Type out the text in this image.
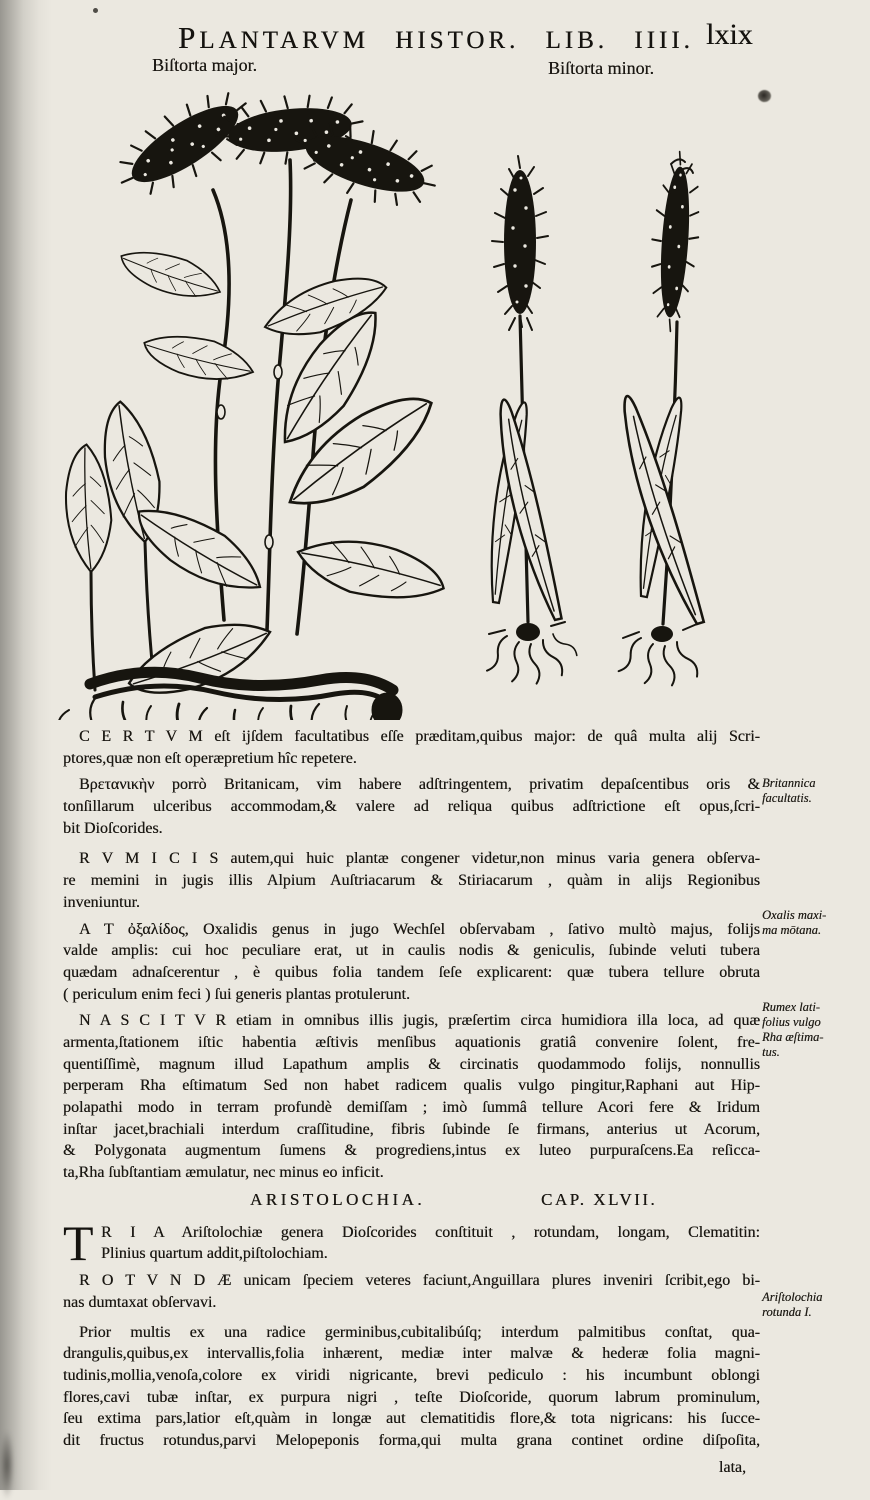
PLANTARVM HISTOR. LIB. IIII. lxix
Biſtorta major.	Biſtorta minor.
C E R T V M eſt ijſdem facultatibus eſſe præditam,quibus major: de quâ multa alij Scri-
ptores,quæ non eſt operæpretium hîc repetere.
Βρετανικὴν porrò Britanicam, vim habere adſtringentem, privatim depaſcentibus oris &
tonſillarum ulceribus accommodam,& valere ad reliqua quibus adſtrictione eſt opus,ſcri-
bit Dioſcorides.
R V M I C I S autem,qui huic plantæ congener videtur,non minus varia genera obſerva-
re memini in jugis illis Alpium Auſtriacarum & Stiriacarum , quàm in alijs Regionibus
inveniuntur.
A T ὀξαλίδος, Oxalidis genus in jugo Wechſel obſervabam , ſativo multò majus, folijs
valde amplis: cui hoc peculiare erat, ut in caulis nodis & geniculis, ſubinde veluti tubera
quædam adnaſcerentur , è quibus folia tandem ſeſe explicarent: quæ tubera tellure obruta
( periculum enim feci ) ſui generis plantas protulerunt.
N A S C I T V R etiam in omnibus illis jugis, præſertim circa humidiora illa loca, ad quæ
armenta,ſtationem iſtic habentia æſtivis menſibus aquationis gratiâ convenire ſolent, fre-
quentiſſimè, magnum illud Lapathum amplis & circinatis quodammodo folijs, nonnullis
perperam Rha eſtimatum Sed non habet radicem qualis vulgo pingitur,Raphani aut Hip-
polapathi modo in terram profundè demiſſam ; imò ſummâ tellure Acori fere & Iridum
inſtar jacet,brachiali interdum craſſitudine, fibris ſubinde ſe firmans, anterius ut Acorum,
& Polygonata augmentum ſumens & progrediens,intus ex luteo purpuraſcens.Ea reſicca-
ta,Rha ſubſtantiam æmulatur, nec minus eo inficit.
ARISTOLOCHIA.	CAP. XLVII.
T R I A Ariſtolochiæ genera Dioſcorides conſtituit , rotundam, longam, Clematitin:
Plinius quartum addit,piſtolochiam.
R O T V N D Æ unicam ſpeciem veteres faciunt,Anguillara plures inveniri ſcribit,ego bi-
nas dumtaxat obſervavi.
Prior multis ex una radice germinibus,cubitalibúſq; interdum palmitibus conſtat, qua-
drangulis,quibus,ex intervallis,folia inhærent, mediæ inter malvæ & hederæ folia magni-
tudinis,mollia,venoſa,colore ex viridi nigricante, brevi pediculo : his incumbunt oblongi
flores,cavi tubæ inſtar, ex purpura nigri , teſte Dioſcoride, quorum labrum prominulum,
ſeu extima pars,latior eſt,quàm in longæ aut clematitidis flore,& tota nigricans: his ſucce-
dit fructus rotundus,parvi Melopeponis forma,qui multa grana continet ordine diſpoſita,
lata,
Britannica
facultatis.
Oxalis maxi-
ma mōtana.
Rumex lati-
folius vulgo
Rha æſtima-
tus.
Ariſtolochia
rotunda I.
